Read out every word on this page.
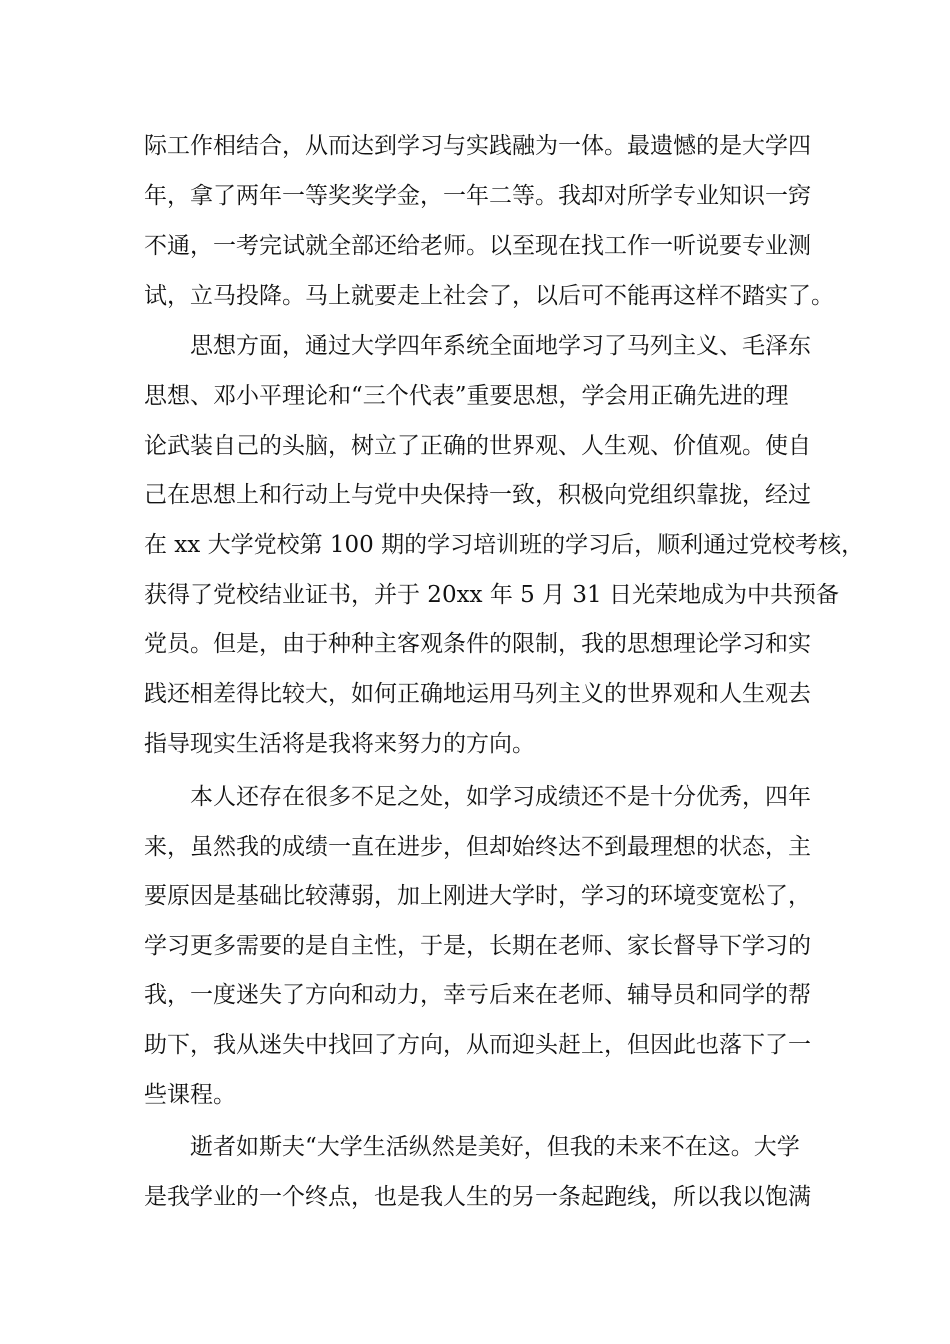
际工作相结合，从而达到学习与实践融为一体。最遗憾的是大学四
年，拿了两年一等奖奖学金，一年二等。我却对所学专业知识一窍
不通，一考完试就全部还给老师。以至现在找工作一听说要专业测
试，立马投降。马上就要走上社会了，以后可不能再这样不踏实了。
思想方面，通过大学四年系统全面地学习了马列主义、毛泽东
思想、邓小平理论和“三个代表”重要思想，学会用正确先进的理
论武装自己的头脑，树立了正确的世界观、人生观、价值观。使自
己在思想上和行动上与党中央保持一致，积极向党组织靠拢，经过
在 xx 大学党校第 100 期的学习培训班的学习后，顺利通过党校考核，
获得了党校结业证书，并于 20xx 年 5 月 31 日光荣地成为中共预备
党员。但是，由于种种主客观条件的限制，我的思想理论学习和实
践还相差得比较大，如何正确地运用马列主义的世界观和人生观去
指导现实生活将是我将来努力的方向。
本人还存在很多不足之处，如学习成绩还不是十分优秀，四年
来，虽然我的成绩一直在进步，但却始终达不到最理想的状态，主
要原因是基础比较薄弱，加上刚进大学时，学习的环境变宽松了，
学习更多需要的是自主性，于是，长期在老师、家长督导下学习的
我，一度迷失了方向和动力，幸亏后来在老师、辅导员和同学的帮
助下，我从迷失中找回了方向，从而迎头赶上，但因此也落下了一
些课程。
逝者如斯夫“大学生活纵然是美好，但我的未来不在这。大学
是我学业的一个终点，也是我人生的另一条起跑线，所以我以饱满
